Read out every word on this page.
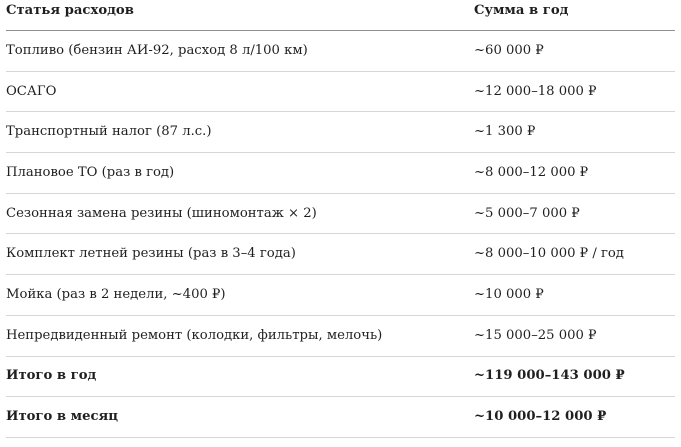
Статья расходов	Сумма в год
Топливо (бензин АИ-92, расход 8 л/100 км)	~60 000 ₽
ОСАГО	~12 000–18 000 ₽
Транспортный налог (87 л.с.)	~1 300 ₽
Плановое ТО (раз в год)	~8 000–12 000 ₽
Сезонная замена резины (шиномонтаж × 2)	~5 000–7 000 ₽
Комплект летней резины (раз в 3–4 года)	~8 000–10 000 ₽ / год
Мойка (раз в 2 недели, ~400 ₽)	~10 000 ₽
Непредвиденный ремонт (колодки, фильтры, мелочь)	~15 000–25 000 ₽
Итого в год	~119 000–143 000 ₽
Итого в месяц	~10 000–12 000 ₽
